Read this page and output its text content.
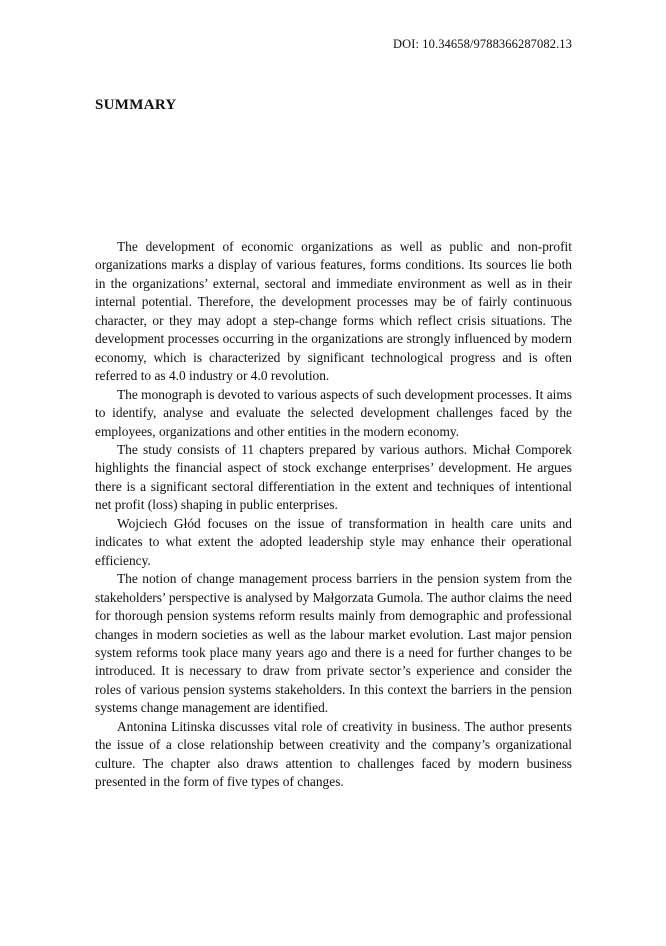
DOI: 10.34658/9788366287082.13
SUMMARY

The development of economic organizations as well as public and non-profit organizations marks a display of various features, forms conditions. Its sources lie both in the organizations’ external, sectoral and immediate environment as well as in their internal potential. Therefore, the development processes may be of fairly continuous character, or they may adopt a step-change forms which reflect crisis situations. The development processes occurring in the organizations are strongly influenced by modern economy, which is characterized by significant technological progress and is often referred to as 4.0 industry or 4.0 revolution.

The monograph is devoted to various aspects of such development processes. It aims to identify, analyse and evaluate the selected development challenges faced by the employees, organizations and other entities in the modern economy.

The study consists of 11 chapters prepared by various authors. Michał Comporek highlights the financial aspect of stock exchange enterprises’ development. He argues there is a significant sectoral differentiation in the extent and techniques of intentional net profit (loss) shaping in public enterprises.

Wojciech Głód focuses on the issue of transformation in health care units and indicates to what extent the adopted leadership style may enhance their operational efficiency.

The notion of change management process barriers in the pension system from the stakeholders’ perspective is analysed by Małgorzata Gumola. The author claims the need for thorough pension systems reform results mainly from demographic and professional changes in modern societies as well as the labour market evolution. Last major pension system reforms took place many years ago and there is a need for further changes to be introduced. It is necessary to draw from private sector’s experience and consider the roles of various pension systems stakeholders. In this context the barriers in the pension systems change management are identified.

Antonina Litinska discusses vital role of creativity in business. The author presents the issue of a close relationship between creativity and the company’s organizational culture. The chapter also draws attention to challenges faced by modern business presented in the form of five types of changes.
